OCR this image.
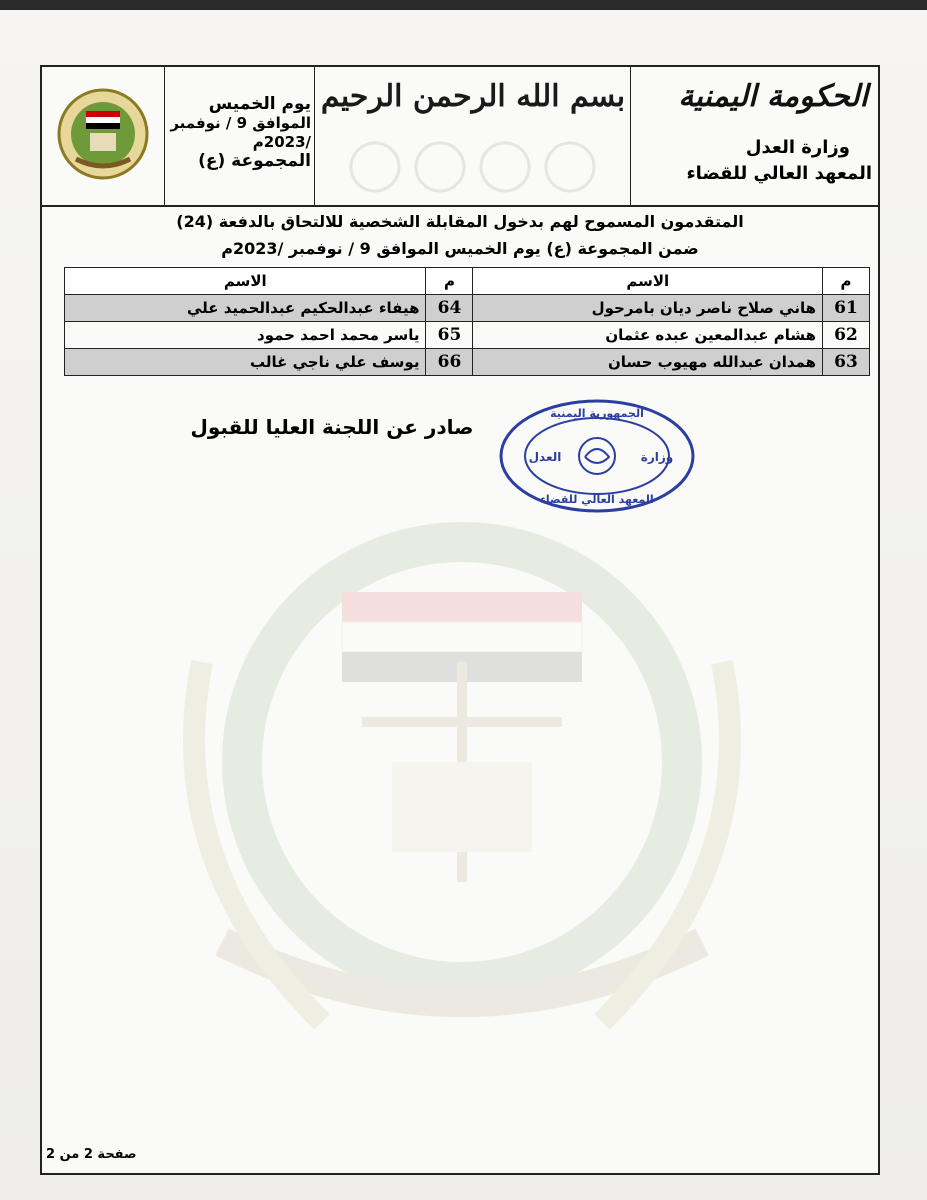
يوم الخميس
الموافق 9 / نوفمبر
/2023م
المجموعة (ع)
بسم الله الرحمن الرحيم الحكومة اليمنية
وزارة العدل
المعهد العالي للقضاء
المتقدمون المسموح لهم بدخول المقابلة الشخصية للالتحاق بالدفعة (24)
ضمن المجموعة (ع) يوم الخميس الموافق 9 / نوفمبر /2023م
م	الاسم	م	الاسم
61	هاني صلاح ناصر ديان بامرحول	64	هيفاء عبدالحكيم عبدالحميد علي
62	هشام عبدالمعين عبده عثمان	65	ياسر محمد احمد حمود
63	همدان عبدالله مهيوب حسان	66	يوسف علي ناجي غالب
الجمهورية اليمنية
وزارة
العدل
المعهد العالي للقضاء
صادر عن اللجنة العليا للقبول
صفحة 2 من 2
